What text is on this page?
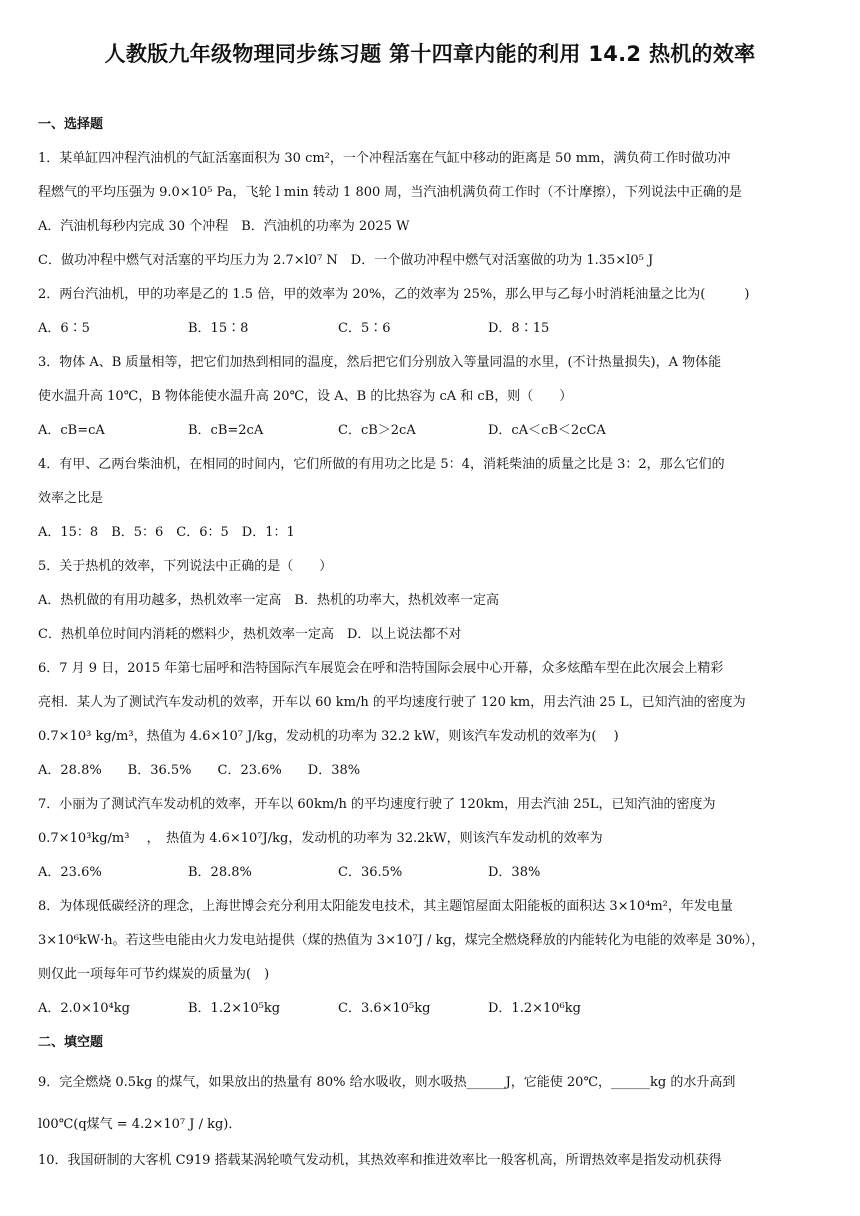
人教版九年级物理同步练习题 第十四章内能的利用 14.2 热机的效率
一、选择题
1．某单缸四冲程汽油机的气缸活塞面积为 30 cm²，一个冲程活塞在气缸中移动的距离是 50 mm，满负荷工作时做功冲
程燃气的平均压强为 9.0×10⁵ Pa，飞轮 l min 转动 1 800 周，当汽油机满负荷工作时（不计摩擦），下列说法中正确的是
A．汽油机每秒内完成 30 个冲程　B．汽油机的功率为 2025 W
C．做功冲程中燃气对活塞的平均压力为 2.7×l0⁷ N　D．一个做功冲程中燃气对活塞做的功为 1.35×l0⁵ J
2．两台汽油机，甲的功率是乙的 1.5 倍，甲的效率为 20%，乙的效率为 25%，那么甲与乙每小时消耗油量之比为(　　　)
A．6∶5	B．15∶8	C．5∶6	D．8∶15
3．物体 A、B 质量相等，把它们加热到相同的温度，然后把它们分别放入等量同温的水里，(不计热量损失)，A 物体能
使水温升高 10℃，B 物体能使水温升高 20℃，设 A、B 的比热容为 cA 和 cB，则（　　）
A．cB=cA	B．cB=2cA	C．cB＞2cA	D．cA＜cB＜2cCA
4．有甲、乙两台柴油机，在相同的时间内，它们所做的有用功之比是 5：4，消耗柴油的质量之比是 3：2，那么它们的
效率之比是
A．15：8　B．5：6　C．6：5　D．1：1
5．关于热机的效率，下列说法中正确的是（　　）
A．热机做的有用功越多，热机效率一定高　B．热机的功率大，热机效率一定高
C．热机单位时间内消耗的燃料少，热机效率一定高　D．以上说法都不对
6．7 月 9 日，2015 年第七届呼和浩特国际汽车展览会在呼和浩特国际会展中心开幕，众多炫酷车型在此次展会上精彩
亮相．某人为了测试汽车发动机的效率，开车以 60 km/h 的平均速度行驶了 120 km，用去汽油 25 L，已知汽油的密度为
0.7×10³ kg/m³，热值为 4.6×10⁷ J/kg，发动机的功率为 32.2 kW，则该汽车发动机的效率为(　 )
A．28.8%　　B．36.5%　　C．23.6%　　D．38%
7．小丽为了测试汽车发动机的效率，开车以 60km/h 的平均速度行驶了 120km，用去汽油 25L，已知汽油的密度为
0.7×10³kg/m³　 ，　热值为 4.6×10⁷J/kg，发动机的功率为 32.2kW，则该汽车发动机的效率为
A．23.6%	B．28.8%	C．36.5%	D．38%
8．为体现低碳经济的理念，上海世博会充分利用太阳能发电技术，其主题馆屋面太阳能板的面积达 3×10⁴m²，年发电量
3×10⁶kW·h。若这些电能由火力发电站提供（煤的热值为 3×10⁷J / kg，煤完全燃烧释放的内能转化为电能的效率是 30%），
则仅此一项每年可节约煤炭的质量为(　)
A．2.0×10⁴kg	B．1.2×10⁵kg	C．3.6×10⁵kg	D．1.2×10⁶kg
二、填空题
9．完全燃烧 0.5kg 的煤气，如果放出的热量有 80% 给水吸收，则水吸热______J，它能使 20℃，______kg 的水升高到
l00℃(q煤气 = 4.2×10⁷ J / kg)．
10．我国研制的大客机 C919 搭载某涡轮喷气发动机，其热效率和推进效率比一般客机高，所谓热效率是指发动机获得
